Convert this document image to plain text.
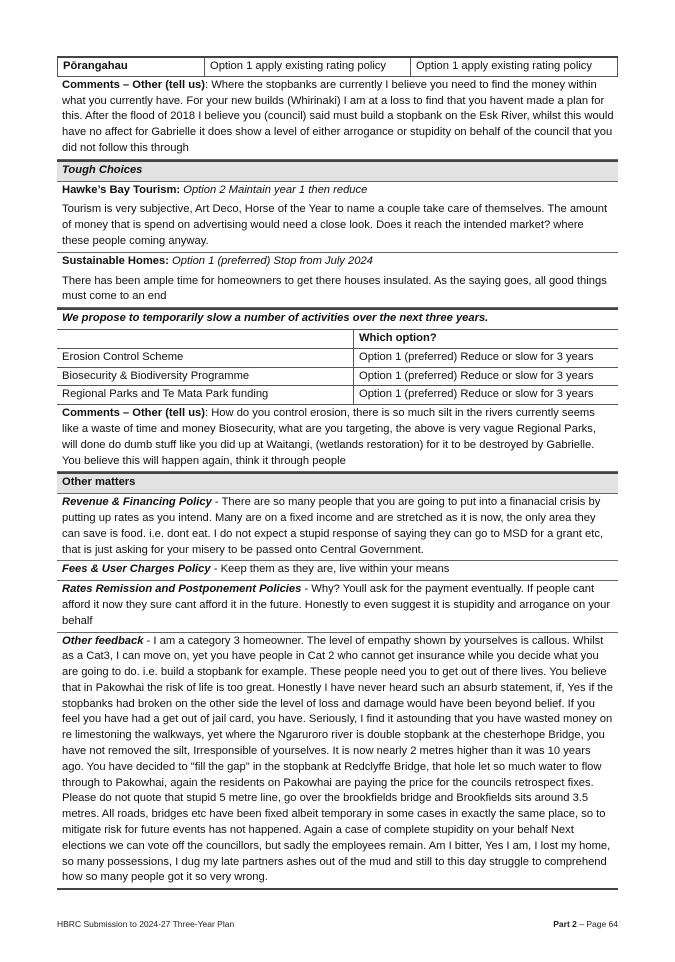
Pōrangahau	Option 1 apply existing rating policy	Option 1 apply existing rating policy
Comments – Other (tell us): Where the stopbanks are currently I believe you need to find the money within what you currently have. For your new builds (Whirinaki) I am at a loss to find that you havent made a plan for this. After the flood of 2018 I believe you (council) said must build a stopbank on the Esk River, whilst this would have no affect for Gabrielle it does show a level of either arrogance or stupidity on behalf of the council that you did not follow this through
Tough Choices
Hawke’s Bay Tourism: Option 2 Maintain year 1 then reduce
Tourism is very subjective, Art Deco, Horse of the Year to name a couple take care of themselves. The amount of money that is spend on advertising would need a close look. Does it reach the intended market? where these people coming anyway.
Sustainable Homes: Option 1 (preferred) Stop from July 2024
There has been ample time for homeowners to get there houses insulated. As the saying goes, all good things must come to an end
We propose to temporarily slow a number of activities over the next three years.
	Which option?
Erosion Control Scheme	Option 1 (preferred) Reduce or slow for 3 years
Biosecurity & Biodiversity Programme	Option 1 (preferred) Reduce or slow for 3 years
Regional Parks and Te Mata Park funding	Option 1 (preferred) Reduce or slow for 3 years
Comments – Other (tell us): How do you control erosion, there is so much silt in the rivers currently seems like a waste of time and money Biosecurity, what are you targeting, the above is very vague Regional Parks, will done do dumb stuff like you did up at Waitangi, (wetlands restoration) for it to be destroyed by Gabrielle. You believe this will happen again, think it through people
Other matters
Revenue & Financing Policy - There are so many people that you are going to put into a finanacial crisis by putting up rates as you intend. Many are on a fixed income and are stretched as it is now, the only area they can save is food. i.e. dont eat. I do not expect a stupid response of saying they can go to MSD for a grant etc, that is just asking for your misery to be passed onto Central Government.
Fees & User Charges Policy - Keep them as they are, live within your means
Rates Remission and Postponement Policies - Why? Youll ask for the payment eventually. If people cant afford it now they sure cant afford it in the future. Honestly to even suggest it is stupidity and arrogance on your behalf
Other feedback - I am a category 3 homeowner. The level of empathy shown by yourselves is callous. Whilst as a Cat3, I can move on, yet you have people in Cat 2 who cannot get insurance while you decide what you are going to do. i.e. build a stopbank for example. These people need you to get out of there lives. You believe that in Pakowhai the risk of life is too great. Honestly I have never heard such an absurb statement, if, Yes if the stopbanks had broken on the other side the level of loss and damage would have been beyond belief. If you feel you have had a get out of jail card, you have. Seriously, I find it astounding that you have wasted money on re limestoning the walkways, yet where the Ngaruroro river is double stopbank at the chesterhope Bridge, you have not removed the silt, Irresponsible of yourselves. It is now nearly 2 metres higher than it was 10 years ago. You have decided to "fill the gap" in the stopbank at Redclyffe Bridge, that hole let so much water to flow through to Pakowhai, again the residents on Pakowhai are paying the price for the councils retrospect fixes. Please do not quote that stupid 5 metre line, go over the brookfields bridge and Brookfields sits around 3.5 metres. All roads, bridges etc have been fixed albeit temporary in some cases in exactly the same place, so to mitigate risk for future events has not happened. Again a case of complete stupidity on your behalf Next elections we can vote off the councillors, but sadly the employees remain. Am I bitter, Yes I am, I lost my home, so many possessions, I dug my late partners ashes out of the mud and still to this day struggle to comprehend how so many people got it so very wrong.
HBRC Submission to 2024-27 Three-Year Plan	Part 2 – Page 64
